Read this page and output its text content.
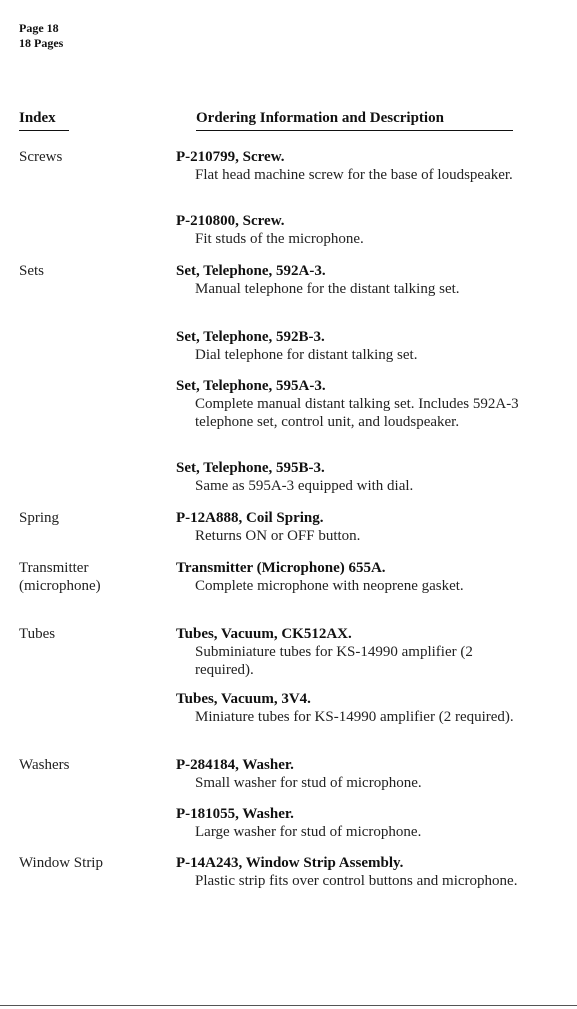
Page 18
18 Pages
Index	Ordering Information and Description
Screws
Sets
Spring
Transmitter
(microphone)
Tubes
Washers
Window Strip
P-210799, Screw.
Flat head machine screw for the base of loudspeaker.
P-210800, Screw.
Fit studs of the microphone.
Set, Telephone, 592A-3.
Manual telephone for the distant talking set.
Set, Telephone, 592B-3.
Dial telephone for distant talking set.
Set, Telephone, 595A-3.
Complete manual distant talking set. Includes 592A-3 telephone set, control unit, and loudspeaker.
Set, Telephone, 595B-3.
Same as 595A-3 equipped with dial.
P-12A888, Coil Spring.
Returns ON or OFF button.
Transmitter (Microphone) 655A.
Complete microphone with neoprene gasket.
Tubes, Vacuum, CK512AX.
Subminiature tubes for KS-14990 amplifier (2 required).
Tubes, Vacuum, 3V4.
Miniature tubes for KS-14990 amplifier (2 required).
P-284184, Washer.
Small washer for stud of microphone.
P-181055, Washer.
Large washer for stud of microphone.
P-14A243, Window Strip Assembly.
Plastic strip fits over control buttons and microphone.
